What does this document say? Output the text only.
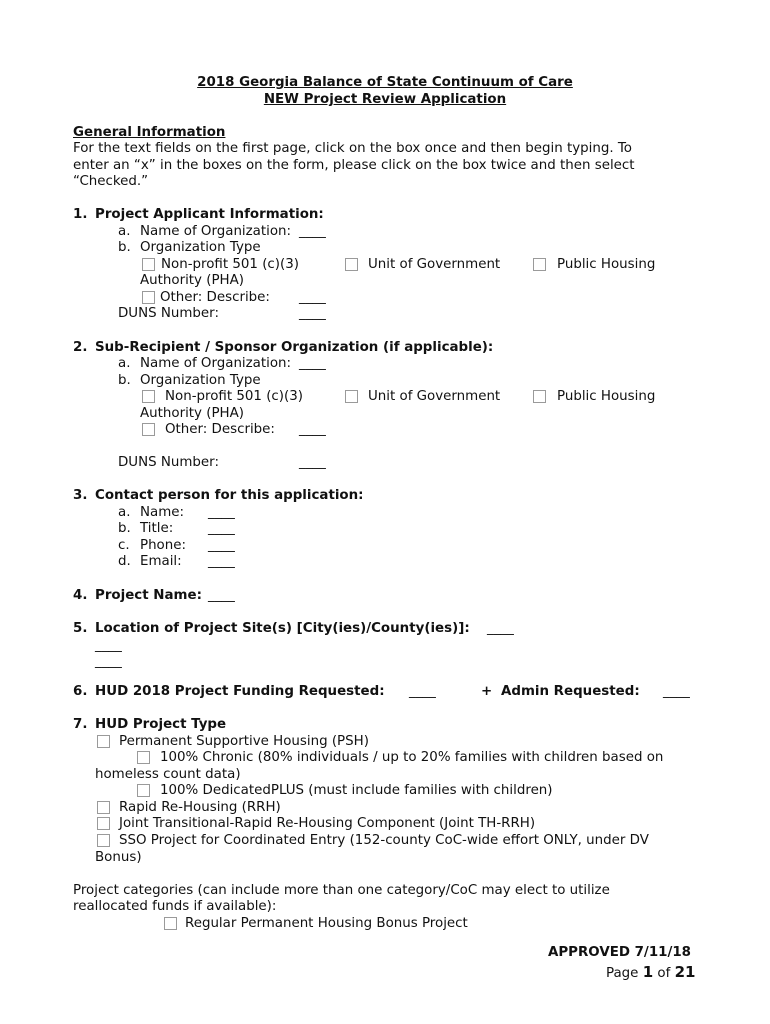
2018 Georgia Balance of State Continuum of Care
NEW Project Review Application
General Information
For the text fields on the first page, click on the box once and then begin typing. To
enter an “x” in the boxes on the form, please click on the box twice and then select
“Checked.”
1. Project Applicant Information:
a. Name of Organization: ____
b. Organization Type
Non-profit 501 (c)(3)	Unit of Government	Public Housing
Authority (PHA)
Other: Describe: ____
DUNS Number:	____
2. Sub-Recipient / Sponsor Organization (if applicable):
a. Name of Organization: ____
b. Organization Type
Non-profit 501 (c)(3)	Unit of Government	Public Housing
Authority (PHA)
Other: Describe: ____
DUNS Number:	____
3. Contact person for this application:
a. Name: ____
b. Title:	____
c. Phone: ____
d. Email: ____
4. Project Name: ____
5. Location of Project Site(s) [City(ies)/County(ies)]: ____
____
____
6. HUD 2018 Project Funding Requested: ____	+ Admin Requested: ____
7. HUD Project Type
Permanent Supportive Housing (PSH)
100% Chronic (80% individuals / up to 20% families with children based on
homeless count data)
100% DedicatedPLUS (must include families with children)
Rapid Re-Housing (RRH)
Joint Transitional-Rapid Re-Housing Component (Joint TH-RRH)
SSO Project for Coordinated Entry (152-county CoC-wide effort ONLY, under DV
Bonus)
Project categories (can include more than one category/CoC may elect to utilize
reallocated funds if available):
Regular Permanent Housing Bonus Project
APPROVED 7/11/18
Page 1 of 21
